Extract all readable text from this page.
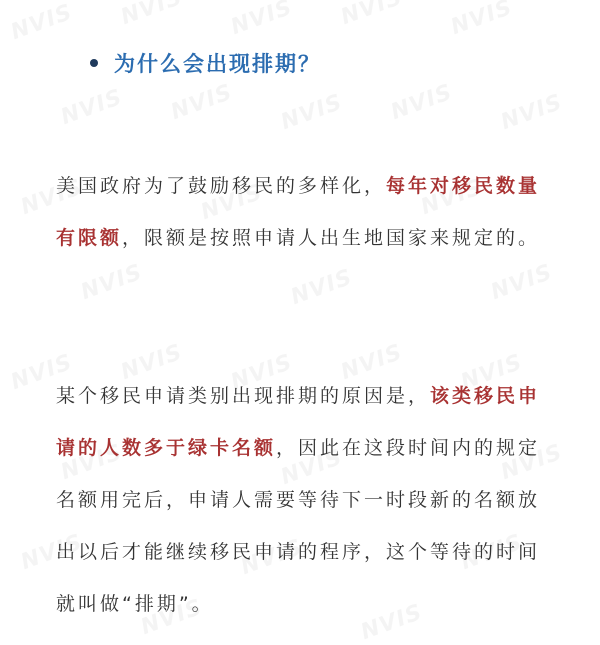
为什么会出现排期？

美国政府为了鼓励移民的多样化，每年对移民数量有限额，限额是按照申请人出生地国家来规定的。

某个移民申请类别出现排期的原因是，该类移民申请的人数多于绿卡名额，因此在这段时间内的规定名额用完后，申请人需要等待下一时段新的名额放出以后才能继续移民申请的程序，这个等待的时间就叫做“排期”。
